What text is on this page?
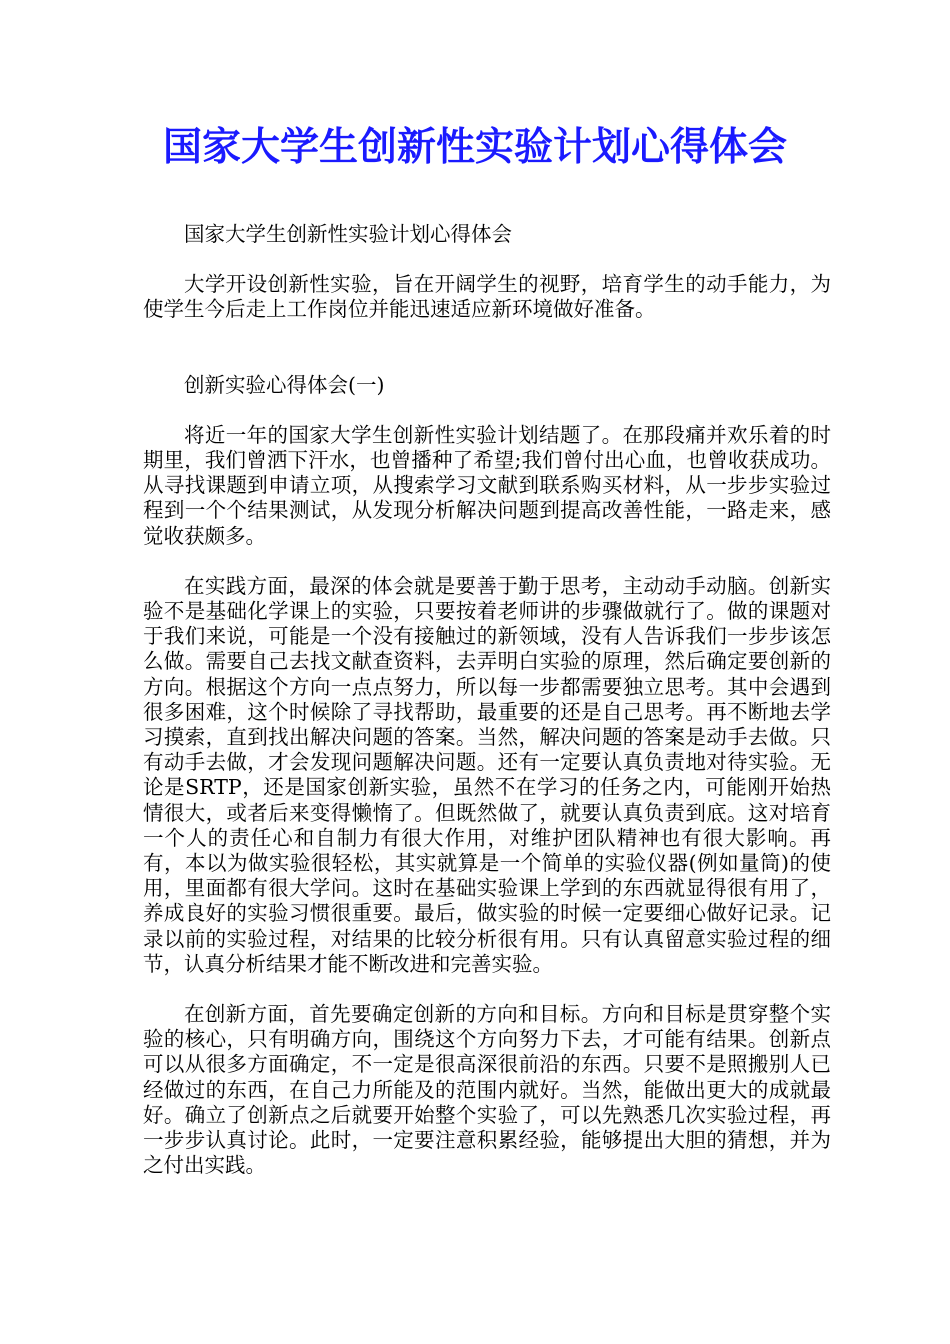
国家大学生创新性实验计划心得体会

国家大学生创新性实验计划心得体会

大学开设创新性实验，旨在开阔学生的视野，培育学生的动手能力，为使学生今后走上工作岗位并能迅速适应新环境做好准备。

创新实验心得体会(一)

将近一年的国家大学生创新性实验计划结题了。在那段痛并欢乐着的时期里，我们曾洒下汗水，也曾播种了希望;我们曾付出心血，也曾收获成功。从寻找课题到申请立项，从搜索学习文献到联系购买材料，从一步步实验过程到一个个结果测试，从发现分析解决问题到提高改善性能，一路走来，感觉收获颇多。

在实践方面，最深的体会就是要善于勤于思考，主动动手动脑。创新实验不是基础化学课上的实验，只要按着老师讲的步骤做就行了。做的课题对于我们来说，可能是一个没有接触过的新领域，没有人告诉我们一步步该怎么做。需要自己去找文献查资料，去弄明白实验的原理，然后确定要创新的方向。根据这个方向一点点努力，所以每一步都需要独立思考。其中会遇到很多困难，这个时候除了寻找帮助，最重要的还是自己思考。再不断地去学习摸索，直到找出解决问题的答案。当然，解决问题的答案是动手去做。只有动手去做，才会发现问题解决问题。还有一定要认真负责地对待实验。无论是SRTP，还是国家创新实验，虽然不在学习的任务之内，可能刚开始热情很大，或者后来变得懒惰了。但既然做了，就要认真负责到底。这对培育一个人的责任心和自制力有很大作用，对维护团队精神也有很大影响。再有，本以为做实验很轻松，其实就算是一个简单的实验仪器(例如量筒)的使用，里面都有很大学问。这时在基础实验课上学到的东西就显得很有用了，养成良好的实验习惯很重要。最后，做实验的时候一定要细心做好记录。记录以前的实验过程，对结果的比较分析很有用。只有认真留意实验过程的细节，认真分析结果才能不断改进和完善实验。

在创新方面，首先要确定创新的方向和目标。方向和目标是贯穿整个实验的核心，只有明确方向，围绕这个方向努力下去，才可能有结果。创新点可以从很多方面确定，不一定是很高深很前沿的东西。只要不是照搬别人已经做过的东西，在自己力所能及的范围内就好。当然，能做出更大的成就最好。确立了创新点之后就要开始整个实验了，可以先熟悉几次实验过程，再一步步认真讨论。此时，一定要注意积累经验，能够提出大胆的猜想，并为之付出实践。
